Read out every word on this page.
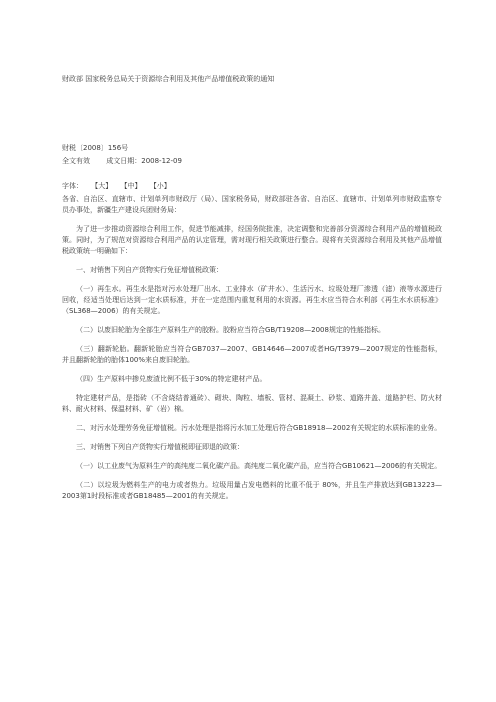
财政部 国家税务总局关于资源综合利用及其他产品增值税政策的通知
财税〔2008〕156号
全文有效 成文日期：2008-12-09
字体： 【大】 【中】 【小】

各省、自治区、直辖市、计划单列市财政厅（局）、国家税务局，财政部驻各省、自治区、直辖市、计划单列市财政监察专员办事处，新疆生产建设兵团财务局：

为了进一步推动资源综合利用工作，促进节能减排，经国务院批准，决定调整和完善部分资源综合利用产品的增值税政策。同时，为了规范对资源综合利用产品的认定管理，需对现行相关政策进行整合。现将有关资源综合利用及其他产品增值税政策统一明确如下：

一、对销售下列自产货物实行免征增值税政策：

（一）再生水。再生水是指对污水处理厂出水、工业排水（矿井水）、生活污水、垃圾处理厂渗透（滤）液等水源进行回收，经适当处理后达到一定水质标准，并在一定范围内重复利用的水资源。再生水应当符合水利部《再生水水质标准》（SL368—2006）的有关规定。

（二）以废旧轮胎为全部生产原料生产的胶粉。胶粉应当符合GB/T19208—2008规定的性能指标。

（三）翻新轮胎。翻新轮胎应当符合GB7037—2007、GB14646—2007或者HG/T3979—2007规定的性能指标，并且翻新轮胎的胎体100%来自废旧轮胎。

（四）生产原料中掺兑废渣比例不低于30%的特定建材产品。

特定建材产品，是指砖（不含烧结普通砖）、砌块、陶粒、墙板、管材、混凝土、砂浆、道路井盖、道路护栏、防火材料、耐火材料、保温材料、矿（岩）棉。

二、对污水处理劳务免征增值税。污水处理是指将污水加工处理后符合GB18918—2002有关规定的水质标准的业务。

三、对销售下列自产货物实行增值税即征即退的政策：

（一）以工业废气为原料生产的高纯度二氧化碳产品。高纯度二氧化碳产品，应当符合GB10621—2006的有关规定。

（二）以垃圾为燃料生产的电力或者热力。垃圾用量占发电燃料的比重不低于 80%，并且生产排放达到GB13223—2003第1时段标准或者GB18485—2001的有关规定。
